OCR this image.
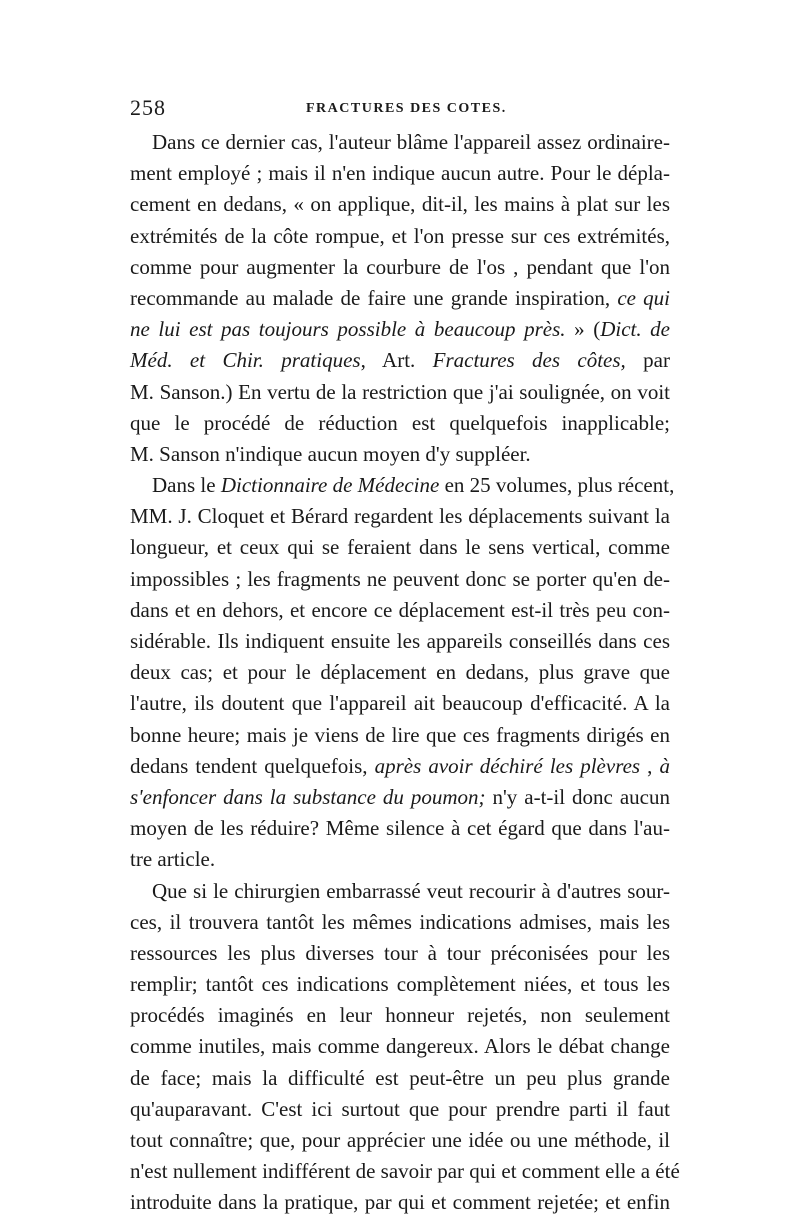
258	FRACTURES DES COTES.
Dans ce dernier cas, l'auteur blâme l'appareil assez ordinaire-
ment employé ; mais il n'en indique aucun autre. Pour le dépla-
cement en dedans, « on applique, dit-il, les mains à plat sur les
extrémités de la côte rompue, et l'on presse sur ces extrémités,
comme pour augmenter la courbure de l'os , pendant que l'on
recommande au malade de faire une grande inspiration, ce qui
ne lui est pas toujours possible à beaucoup près. » (Dict. de
Méd. et Chir. pratiques, Art. Fractures des côtes, par
M. Sanson.) En vertu de la restriction que j'ai soulignée, on voit
que le procédé de réduction est quelquefois inapplicable;
M. Sanson n'indique aucun moyen d'y suppléer.
Dans le Dictionnaire de Médecine en 25 volumes, plus récent,
MM. J. Cloquet et Bérard regardent les déplacements suivant la
longueur, et ceux qui se feraient dans le sens vertical, comme
impossibles ; les fragments ne peuvent donc se porter qu'en de-
dans et en dehors, et encore ce déplacement est-il très peu con-
sidérable. Ils indiquent ensuite les appareils conseillés dans ces
deux cas; et pour le déplacement en dedans, plus grave que
l'autre, ils doutent que l'appareil ait beaucoup d'efficacité. A la
bonne heure; mais je viens de lire que ces fragments dirigés en
dedans tendent quelquefois, après avoir déchiré les plèvres , à
s'enfoncer dans la substance du poumon; n'y a-t-il donc aucun
moyen de les réduire? Même silence à cet égard que dans l'au-
tre article.
Que si le chirurgien embarrassé veut recourir à d'autres sour-
ces, il trouvera tantôt les mêmes indications admises, mais les
ressources les plus diverses tour à tour préconisées pour les
remplir; tantôt ces indications complètement niées, et tous les
procédés imaginés en leur honneur rejetés, non seulement
comme inutiles, mais comme dangereux. Alors le débat change
de face; mais la difficulté est peut-être un peu plus grande
qu'auparavant. C'est ici surtout que pour prendre parti il faut
tout connaître; que, pour apprécier une idée ou une méthode, il
n'est nullement indifférent de savoir par qui et comment elle a été
introduite dans la pratique, par qui et comment rejetée; et enfin
